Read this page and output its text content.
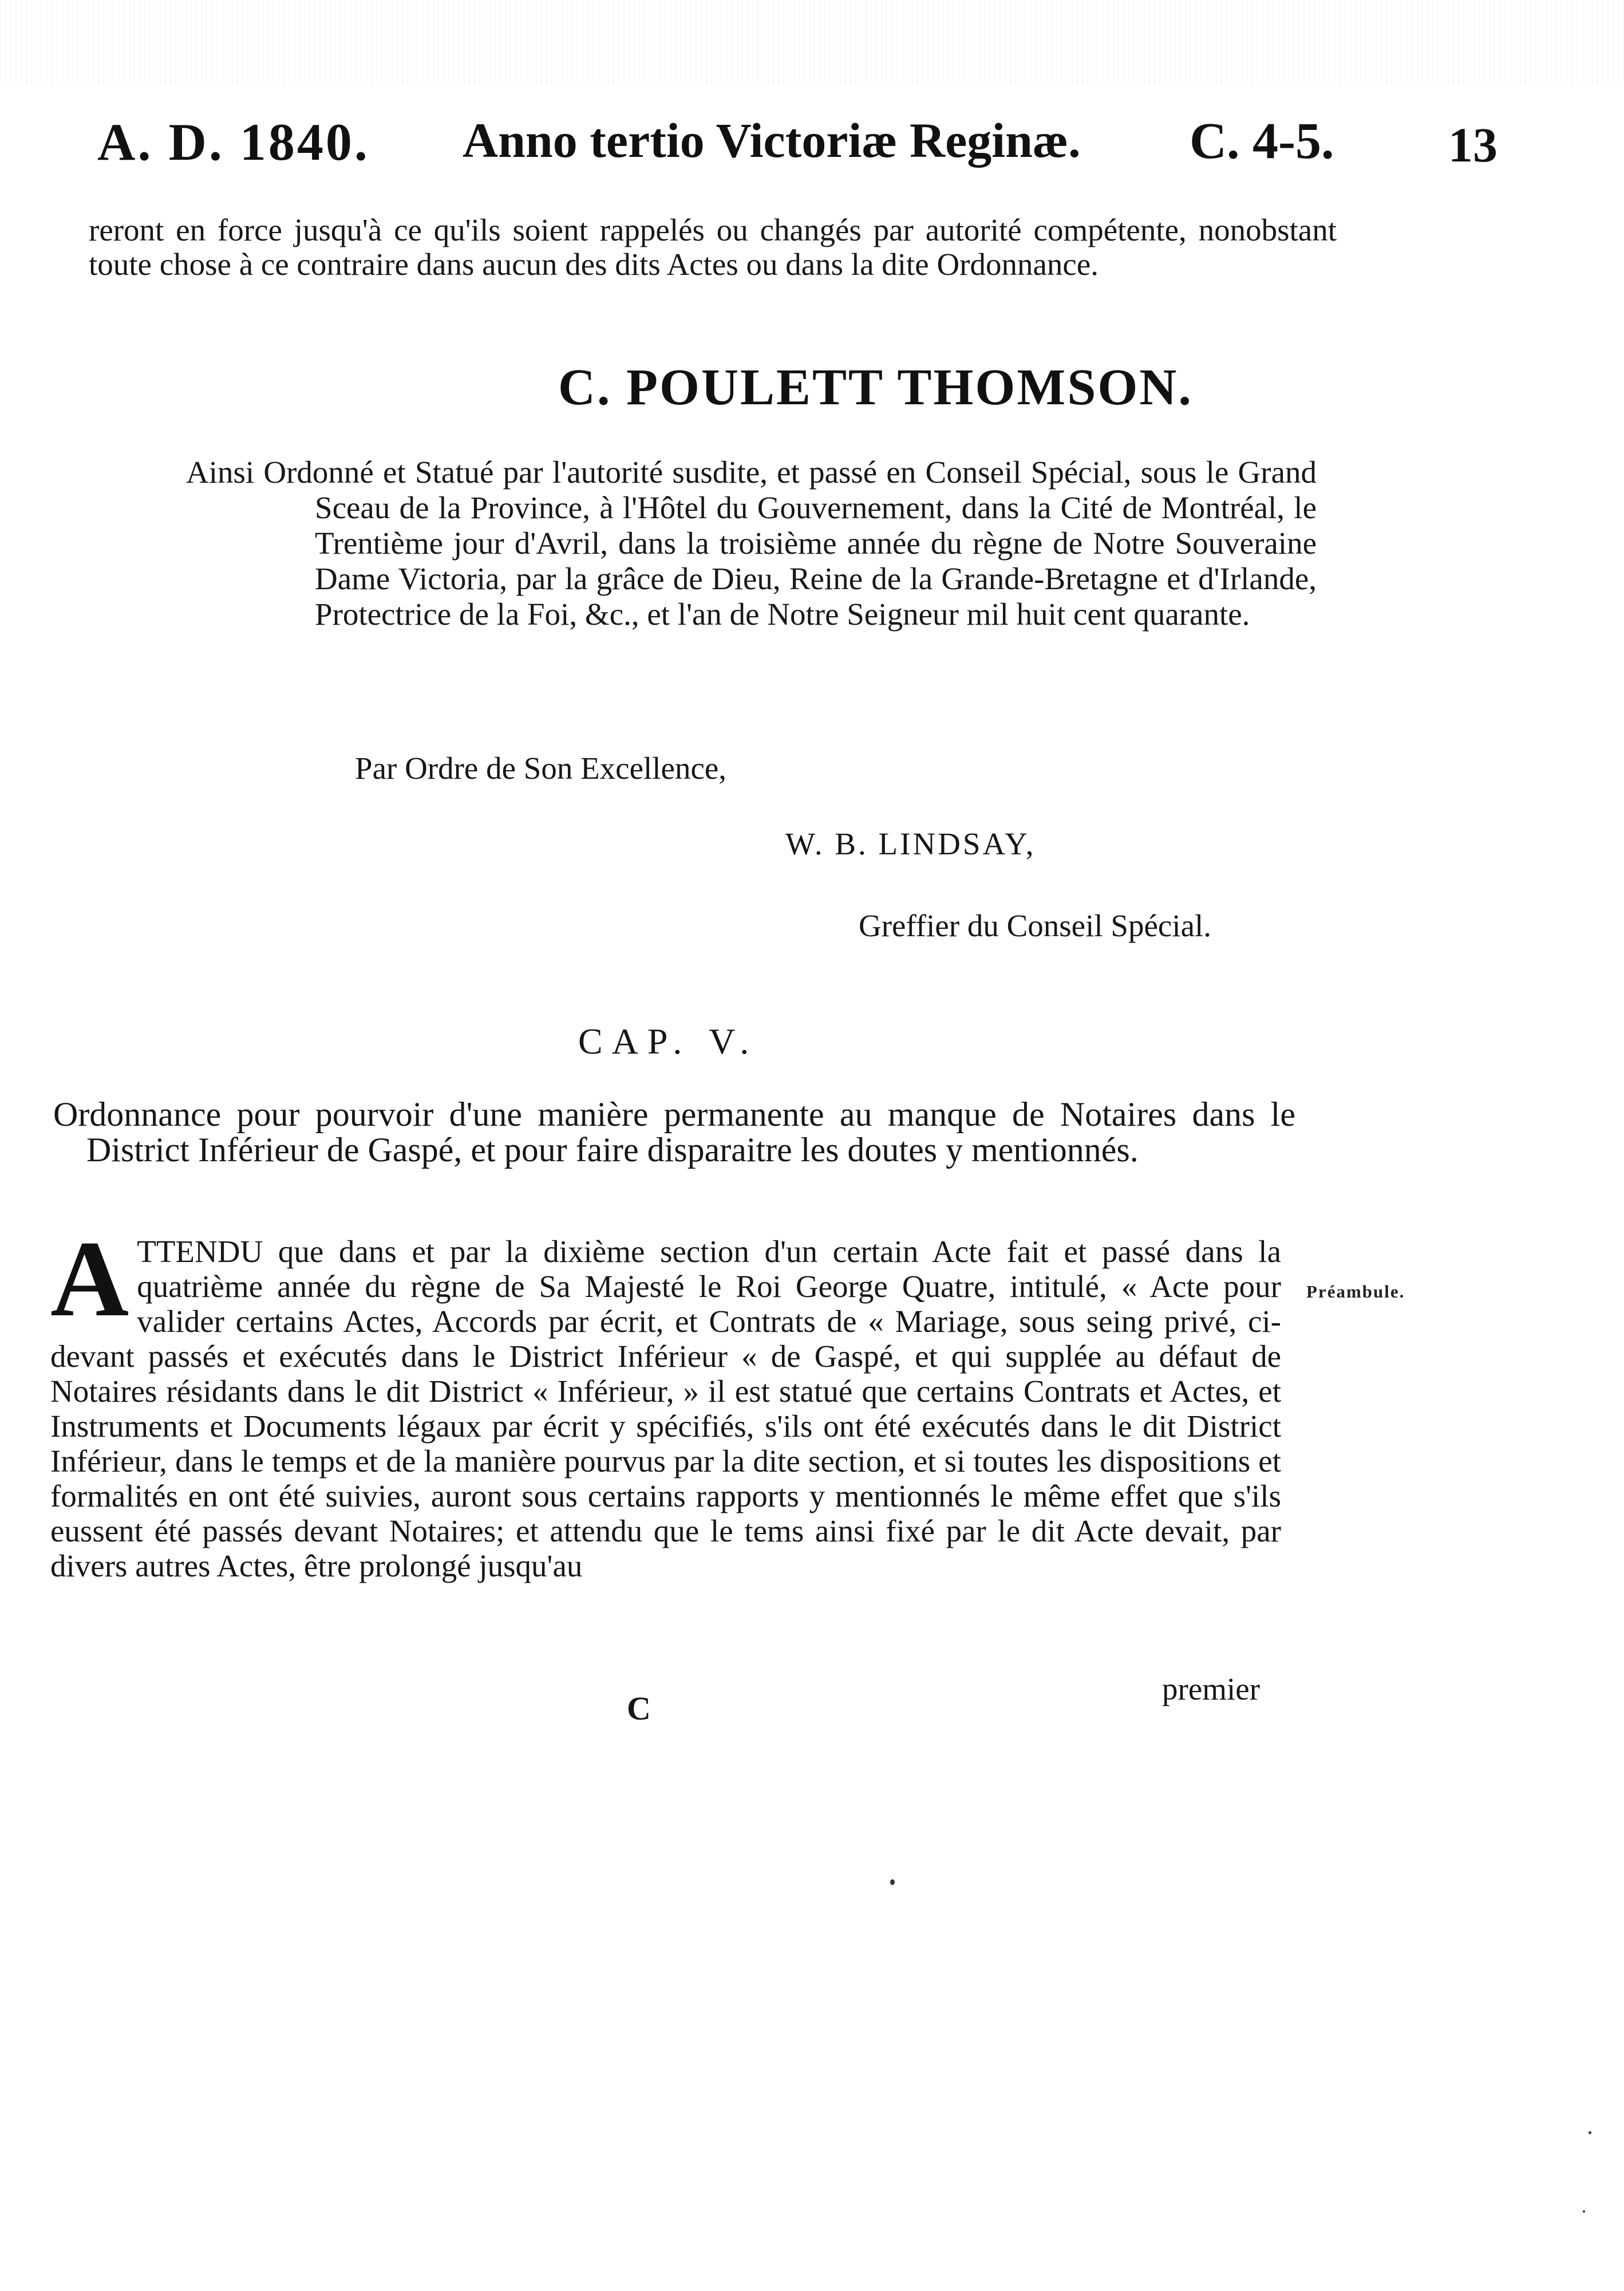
A. D. 1840. Anno tertio Victoriæ Reginæ. C. 4-5. 13
reront en force jusqu'à ce qu'ils soient rappelés ou changés par autorité compétente, nonobstant toute chose à ce contraire dans aucun des dits Actes ou dans la dite Ordonnance.
C. POULETT THOMSON.

Ainsi Ordonné et Statué par l'autorité susdite, et passé en Conseil Spécial, sous le Grand Sceau de la Province, à l'Hôtel du Gouvernement, dans la Cité de Montréal, le Trentième jour d'Avril, dans la troisième année du règne de Notre Souveraine Dame Victoria, par la grâce de Dieu, Reine de la Grande-Bretagne et d'Irlande, Protectrice de la Foi, &c., et l'an de Notre Seigneur mil huit cent quarante.

Par Ordre de Son Excellence,
W. B. LINDSAY,
Greffier du Conseil Spécial.
CAP. V.

Ordonnance pour pourvoir d'une manière permanente au manque de Notaires dans le District Inférieur de Gaspé, et pour faire disparaitre les doutes y mentionnés.

ATTENDU que dans et par la dixième section d'un certain Acte fait et passé dans la quatrième année du règne de Sa Majesté le Roi George Quatre, intitulé, « Acte pour valider certains Actes, Accords par écrit, et Contrats de « Mariage, sous seing privé, ci-devant passés et exécutés dans le District Inférieur « de Gaspé, et qui supplée au défaut de Notaires résidants dans le dit District « Inférieur, » il est statué que certains Contrats et Actes, et Instruments et Documents légaux par écrit y spécifiés, s'ils ont été exécutés dans le dit District Inférieur, dans le temps et de la manière pourvus par la dite section, et si toutes les dispositions et formalités en ont été suivies, auront sous certains rapports y mentionnés le même effet que s'ils eussent été passés devant Notaires; et attendu que le tems ainsi fixé par le dit Acte devait, par divers autres Actes, être prolongé jusqu'au

Préambule.
premier
C
